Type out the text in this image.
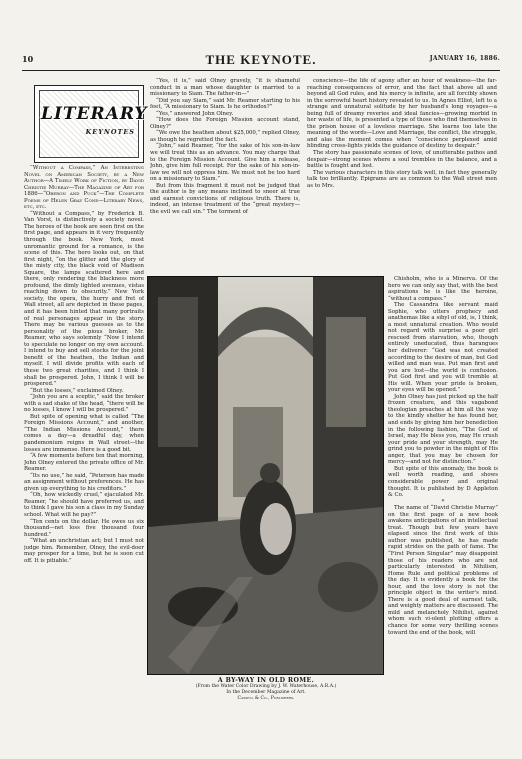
10	THE KEYNOTE.	JANUARY 16, 1886.
LITERARY
KEYNOTES

“Without a Compass,” An Interesting Novel on American Society, by a New Author—A Timely Work of Fiction, by David Christie Murray—The Magazine of Art for 1886—“Oberon and Puck”—The Complete Poems of Helen Gray Cone—Literary News, etc, etc.

“Without a Compass,” by Frederick B. Van Vorst, is distinctively a society novel. The heroes of the book are seen first on the first page, and appears in it very frequently through the book. New York, most unromantic ground for a romance, is the scene of this. The hero looks out, on that first night, “on the glitter and the glory of the misty city, the black void of Madison Square, the lamps scattered here and there, only rendering the blackness more profound, the dimly lighted avenues, vistas reaching down to obscurity.” New York society, the opera, the hurry and fret of Wall street, all are depicted in these pages, and it has been hinted that many portraits of real personages appear in the story. There may be various guesses as to the personality of the pious broker, Mr. Reamer, who says solemnly “Now I intend to speculate no longer on my own account. I intend to buy and sell stocks for the joint benefit of the heathen, the Indian and myself. I will divide profits with each of these two great charities, and I think I shall be prospered. John, I think I will be prospered.”

“But the losses,” exclaimed Olney.

“John you are a sceptic,” said the broker with a sad shake of the head, “there will be no losses, I know I will be prospered.”

But spite of opening what is called “The Foreign Missions Account,” and another, “The Indian Missions Account,” there comes a day—a dreadful day, when pandemonium reigns in Wall street—the losses are immense. Here is a good bit.

“A few moments before ten that morning, John Olney entered the private office of Mr. Reamer.

“Its no use,” he said, “Peterson has made an assignment without preferences. He has given up everything to his creditors.”

“Oh, how wickedly cruel,” ejaculated Mr. Reamer, “he should have preferred us, and to think I gave his son a class in my Sunday school. What will he pay?”

“Ten cents on the dollar. He owes us six thousand—net loss five thousand four hundred.”

“What an unchristian act; but I must not judge him. Remember, Olney, the evil-doer may prosper for a time, but he is soon cut off. It is pitiable.”

“Yes, it is,” said Olney gravely, “it is shameful conduct in a man whose daughter is married to a missionary to Siam. The father-in—”

“Did you say Siam,” said Mr. Reamer starting to his feet, “A missionary to Siam. Is he orthodox?”

“Yes,” answered John Olney.

“How does the Foreign Mission account stand, Olney?”

“We owe the heathen about $25,000,” replied Olney, as though he regretted the fact.

“John,” said Reamer, “for the sake of his son-in-law we will treat this as an advance. You may charge that to the Foreign Mission Account. Give him a release, John, give him full receipt. For the sake of his son-in-law we will not oppress him. We must not be too hard on a missionary to Siam.”

But from this fragment it must not be judged that the author is by any means inclined to sneer at true and earnest convictions of religious truth. There is, indeed, an intense treatment of the “great mystery—the evil we call sin.” The torment of

conscience—the life of agony after an hour of weakness—the far-reaching consequences of error, and the fact that above all and beyond all God rules, and his mercy is infinite, are all forcibly shown in the sorrowful heart history revealed to us. In Agnes Elliot, left to a strange and unnatural solitude by her husband's long voyages—a being full of dreamy reveries and ideal fancies—growing morbid in her waste of life, is presented a type of those who find themselves in the prison house of a loveless marriage. She learns too late the meaning of the words—Love and Marriage, the conflict, the struggle, and alas the moment comes when “conscience perplexed amid blinding cross-lights yields the guidance of destiny to despair.”

The story has passionate scenes of love, of unutterable pathos and despair—strong scenes where a soul trembles in the balance, and a battle is fought and lost.

The various characters in this story talk well, in fact they generally talk too brilliantly. Epigrams are as common to the Wall street men as to Mrs.

A BY-WAY IN OLD ROME.
(From the Water Color Drawing by J. W. Waterhouse, A.R.A.)
In the December Magazine of Art.
Cassell & Co., Publishers.

Chisholm, who is a Minerva. Of the hero we can only say that, with the best aspirations he is like the heroine, “without a compass.”

The Cassandra like servant maid Sophie, who utters prophecy and anathemas like a sibyl of old, is, I think, a most unnatural creation. Who would not regard with surprise a poor girl rescued from starvation, who, though entirely uneducated, thus harangues her deliverer: “God was not created according to the desire of man, but God willed and man was. Put man first and you are lost—the world is confusion. Put God first and you will tremble at His will. When your pride is broken, your eyes will be opened.”

John Olney has just picked up the half frozen creature, and this vagabond theologian preaches at him all the way to the kindly shelter he has found her, and ends by giving him her benediction in the following fashion, “The God of Israel, may He bless you, may He crush your pride and your strength, may He grind you to powder in the might of His anger, that you may be chosen for mercy—and not for distinction.”

But spite of this anomaly, the book is well worth reading, and shows considerable power and original thought. It is published by D Appleton & Co.

*

The name of “David Christie Murray” on the first page of a new book awakens anticipations of an intellectual treat. Though but few years have elapsed since the first work of this author was published, he has made rapid strides on the path of fame. The “First Person Singular” may disappoint those of his readers who are not particularly interested in Nihilism, Home Rule and political problems of the day. It is evidently a book for the hour, and the love story is not the principle object in the writer's mind. There is a good deal of earnest talk, and weighty matters are discussed. The mild and melancholy Nihilist, against whom such vi-olent plotting offers a chance for some very thrilling scenes toward the end of the book, will
